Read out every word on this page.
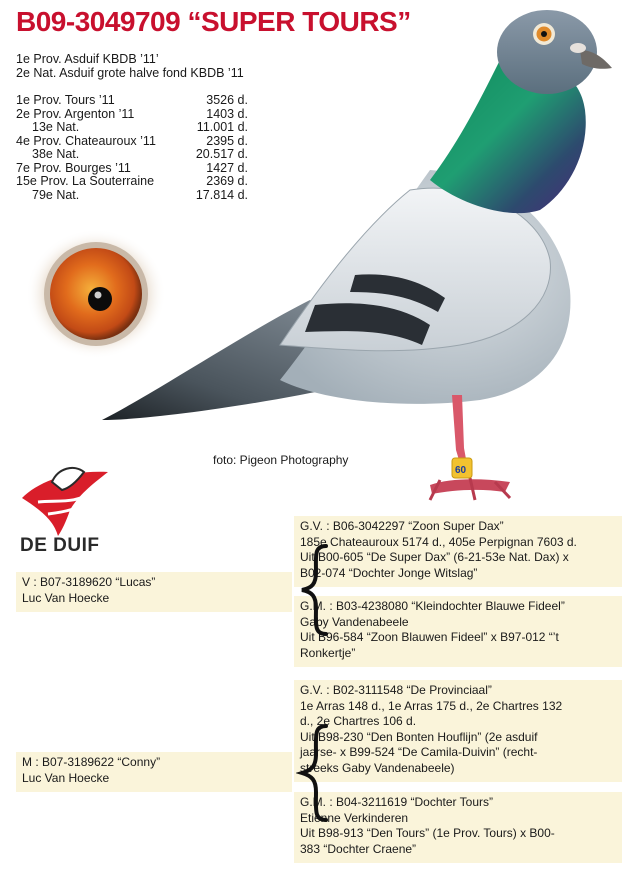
B09-3049709 “SUPER TOURS”
1e Prov. Asduif KBDB ’11’
2e Nat. Asduif grote halve fond KBDB ’11
1e Prov. Tours ’11	3526 d.
2e Prov. Argenton ’11	1403 d.
13e Nat.	11.001 d.
4e Prov. Chateauroux ’11	2395 d.
38e Nat.	20.517 d.
7e Prov. Bourges ’11	1427 d.
15e Prov. La Souterraine	2369 d.
79e Nat.	17.814 d.
60
foto: Pigeon Photography
DE DUIF
G.V. : B06-3042297 “Zoon Super Dax”
185e Chateauroux 5174 d., 405e Perpignan 7603 d.
Uit B00-605 “De Super Dax” (6-21-53e Nat. Dax) x
B02-074 “Dochter Jonge Witslag”
G.M. : B03-4238080 “Kleindochter Blauwe Fideel”
Gaby Vandenabeele
Uit B96-584 “Zoon Blauwen Fideel” x B97-012 “’t
Ronkertje”
V : B07-3189620 “Lucas”
Luc Van Hoecke
G.V. : B02-3111548 “De Provinciaal”
1e Arras 148 d., 1e Arras 175 d., 2e Chartres 132
d., 2e Chartres 106 d.
Uit B98-230 “Den Bonten Houflijn” (2e asduif
jaarse- x B99-524 “De Camila-Duivin” (recht-
streeks Gaby Vandenabeele)
G.M. : B04-3211619 “Dochter Tours”
Etienne Verkinderen
Uit B98-913 “Den Tours” (1e Prov. Tours) x B00-
383 “Dochter Craene”
M : B07-3189622 “Conny”
Luc Van Hoecke
